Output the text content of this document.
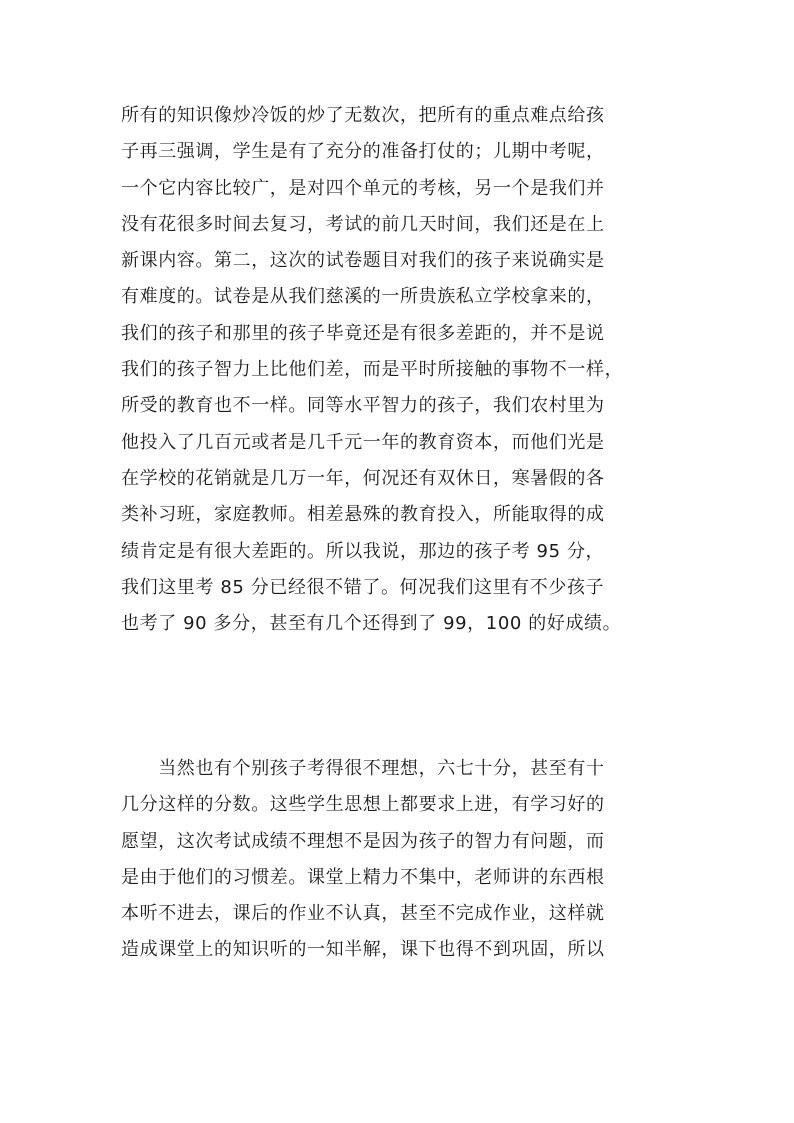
所有的知识像炒冷饭的炒了无数次，把所有的重点难点给孩
子再三强调，学生是有了充分的准备打仗的；儿期中考呢，
一个它内容比较广，是对四个单元的考核，另一个是我们并
没有花很多时间去复习，考试的前几天时间，我们还是在上
新课内容。第二，这次的试卷题目对我们的孩子来说确实是
有难度的。试卷是从我们慈溪的一所贵族私立学校拿来的，
我们的孩子和那里的孩子毕竟还是有很多差距的，并不是说
我们的孩子智力上比他们差，而是平时所接触的事物不一样，
所受的教育也不一样。同等水平智力的孩子，我们农村里为
他投入了几百元或者是几千元一年的教育资本，而他们光是
在学校的花销就是几万一年，何况还有双休日，寒暑假的各
类补习班，家庭教师。相差悬殊的教育投入，所能取得的成
绩肯定是有很大差距的。所以我说，那边的孩子考 95 分，
我们这里考 85 分已经很不错了。何况我们这里有不少孩子
也考了 90 多分，甚至有几个还得到了 99，100 的好成绩。
　　当然也有个别孩子考得很不理想，六七十分，甚至有十
几分这样的分数。这些学生思想上都要求上进，有学习好的
愿望，这次考试成绩不理想不是因为孩子的智力有问题，而
是由于他们的习惯差。课堂上精力不集中，老师讲的东西根
本听不进去，课后的作业不认真，甚至不完成作业，这样就
造成课堂上的知识听的一知半解，课下也得不到巩固，所以
